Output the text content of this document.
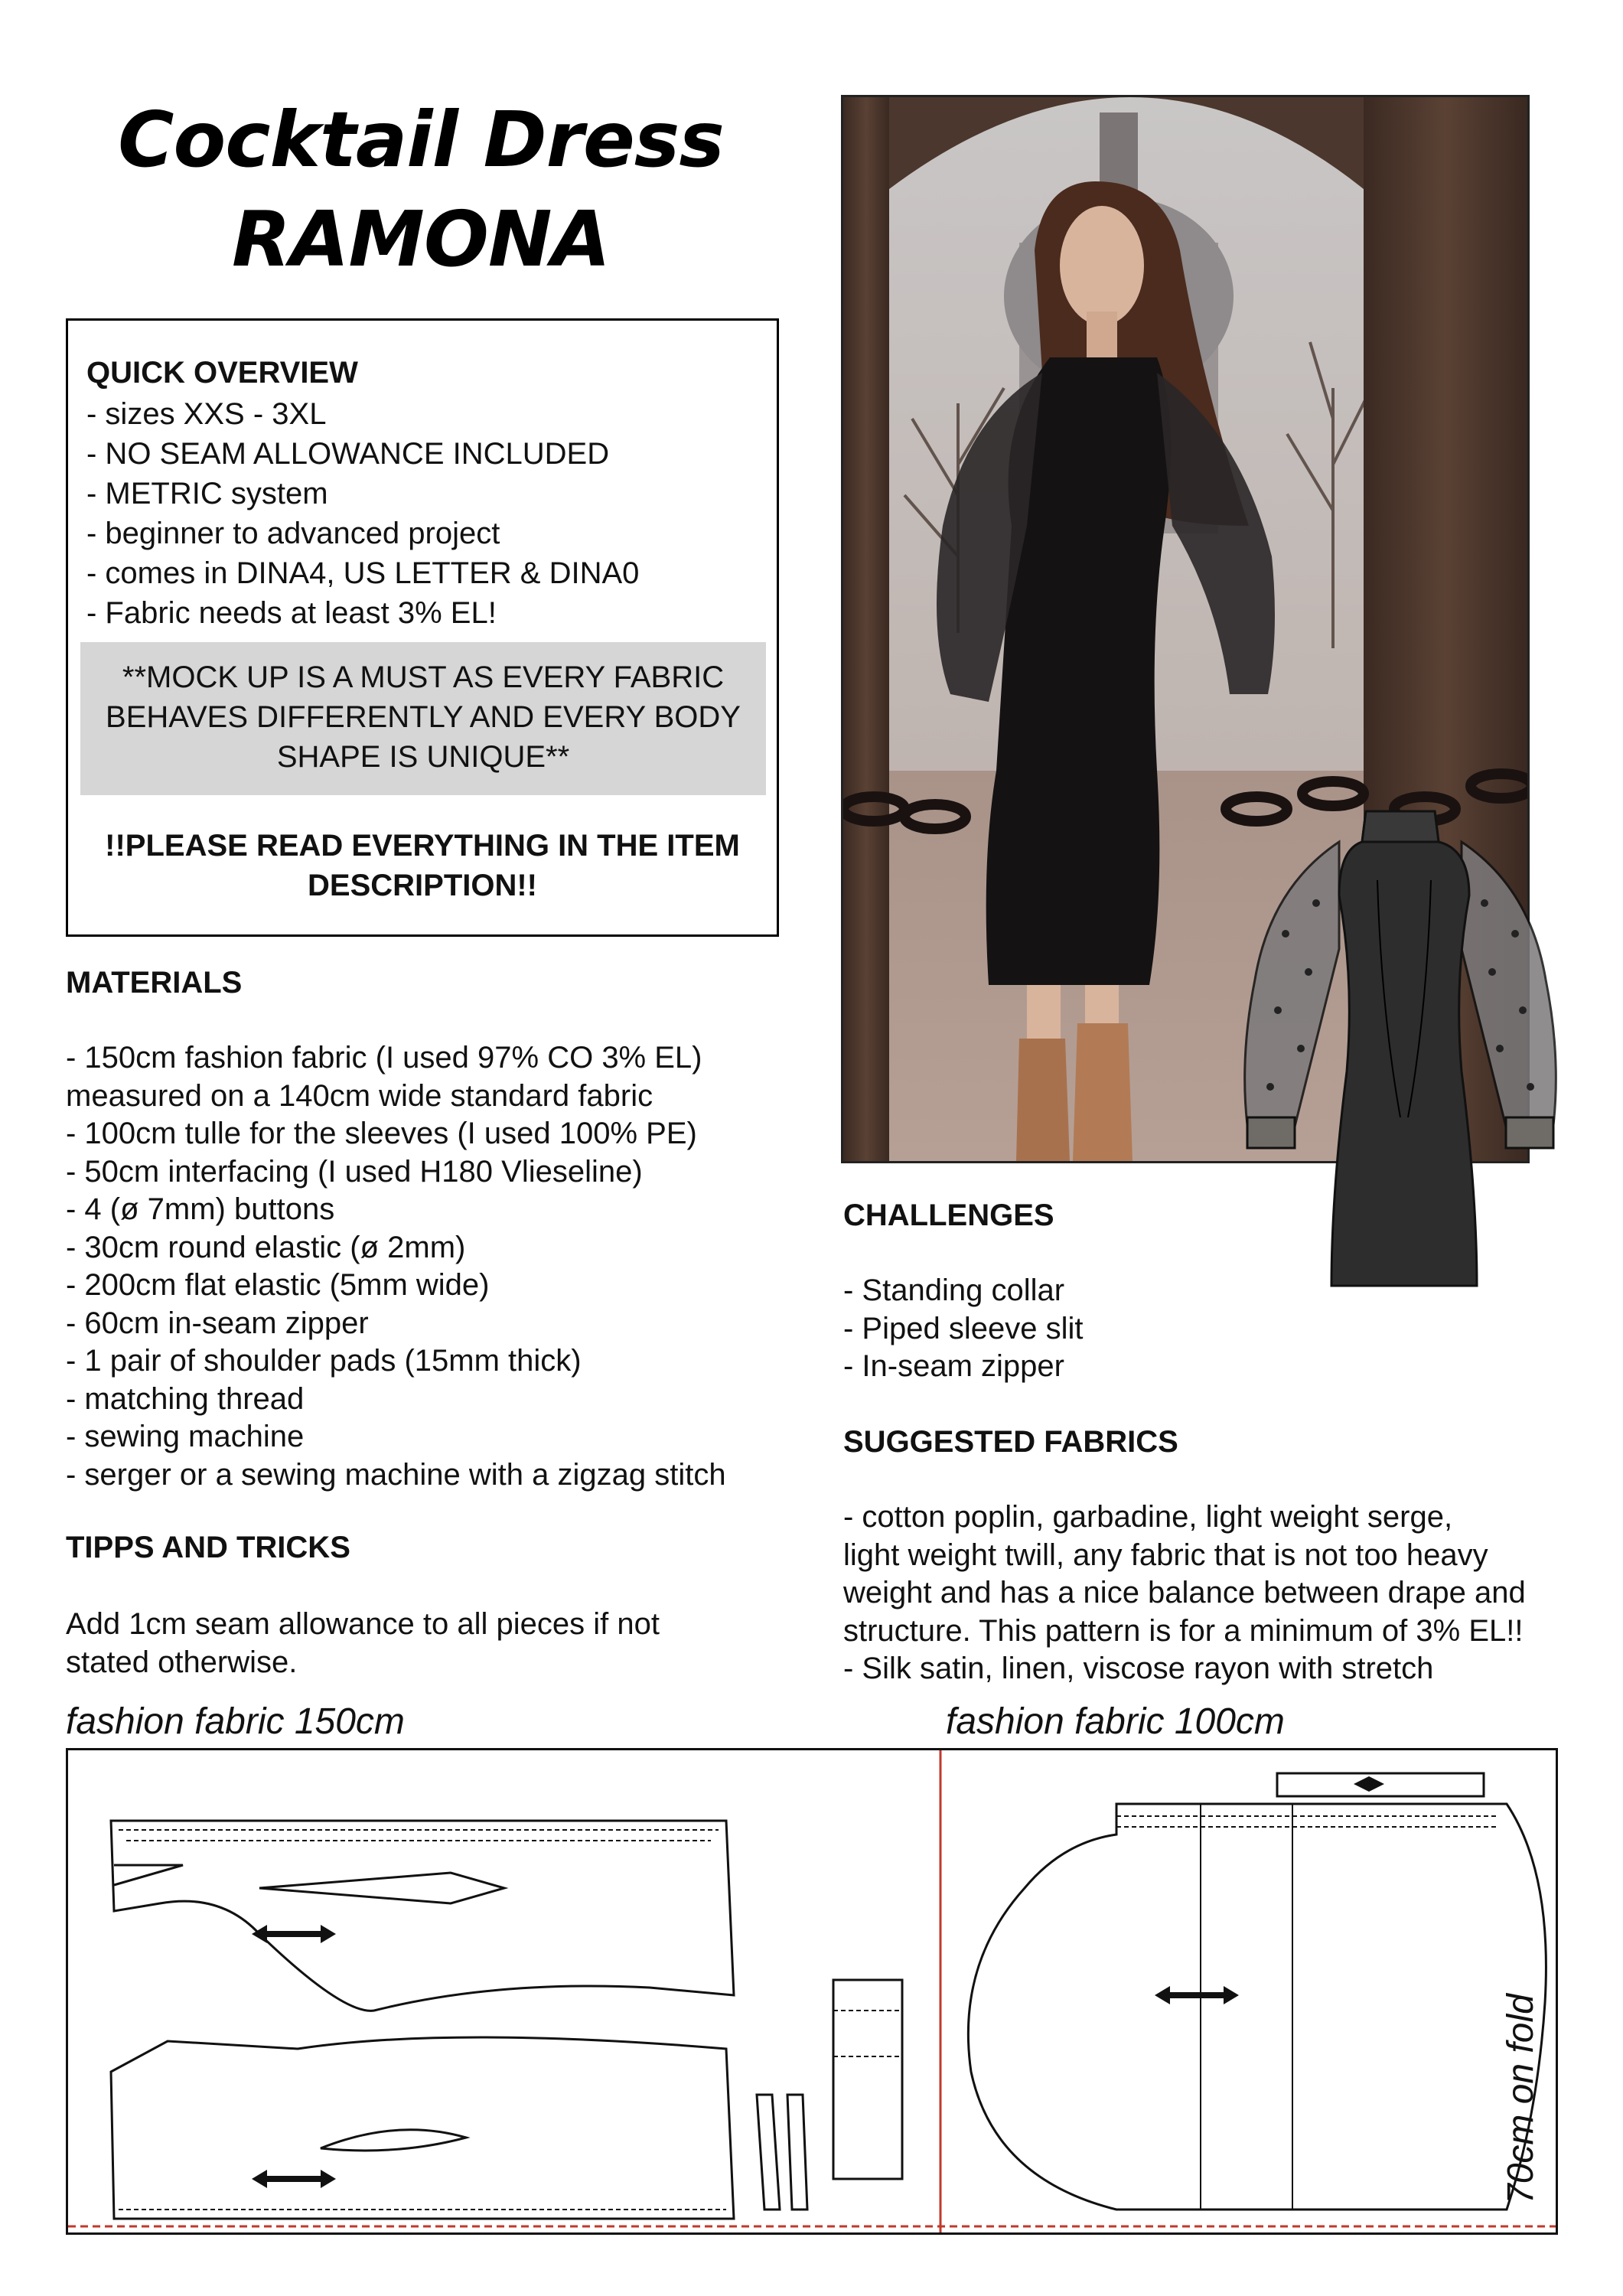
Cocktail Dress
RAMONA
QUICK OVERVIEW
- sizes XXS - 3XL
- NO SEAM ALLOWANCE INCLUDED
- METRIC system
- beginner to advanced project
- comes in DINA4, US LETTER & DINA0
- Fabric needs at least 3% EL!
**MOCK UP IS A MUST AS EVERY FABRIC
BEHAVES DIFFERENTLY AND EVERY BODY
SHAPE IS UNIQUE**
!!PLEASE READ EVERYTHING IN THE ITEM
DESCRIPTION!!
MATERIALS
- 150cm fashion fabric (I used 97% CO 3% EL)
measured on a 140cm wide standard fabric
- 100cm tulle for the sleeves (I used 100% PE)
- 50cm interfacing (I used H180 Vlieseline)
- 4 (ø 7mm) buttons
- 30cm round elastic (ø 2mm)
- 200cm flat elastic (5mm wide)
- 60cm in-seam zipper
- 1 pair of shoulder pads (15mm thick)
- matching thread
- sewing machine
- serger or a sewing machine with a zigzag stitch
TIPPS AND TRICKS
Add 1cm seam allowance to all pieces if not
stated otherwise.
CHALLENGES
- Standing collar
- Piped sleeve slit
- In-seam zipper
SUGGESTED FABRICS
- cotton poplin, garbadine, light weight serge,
light weight twill, any fabric that is not too heavy
weight and has a nice balance between drape and
structure. This pattern is for a minimum of 3% EL!!
- Silk satin, linen, viscose rayon with stretch
fashion fabric 150cm	fashion fabric 100cm
70cm on fold
